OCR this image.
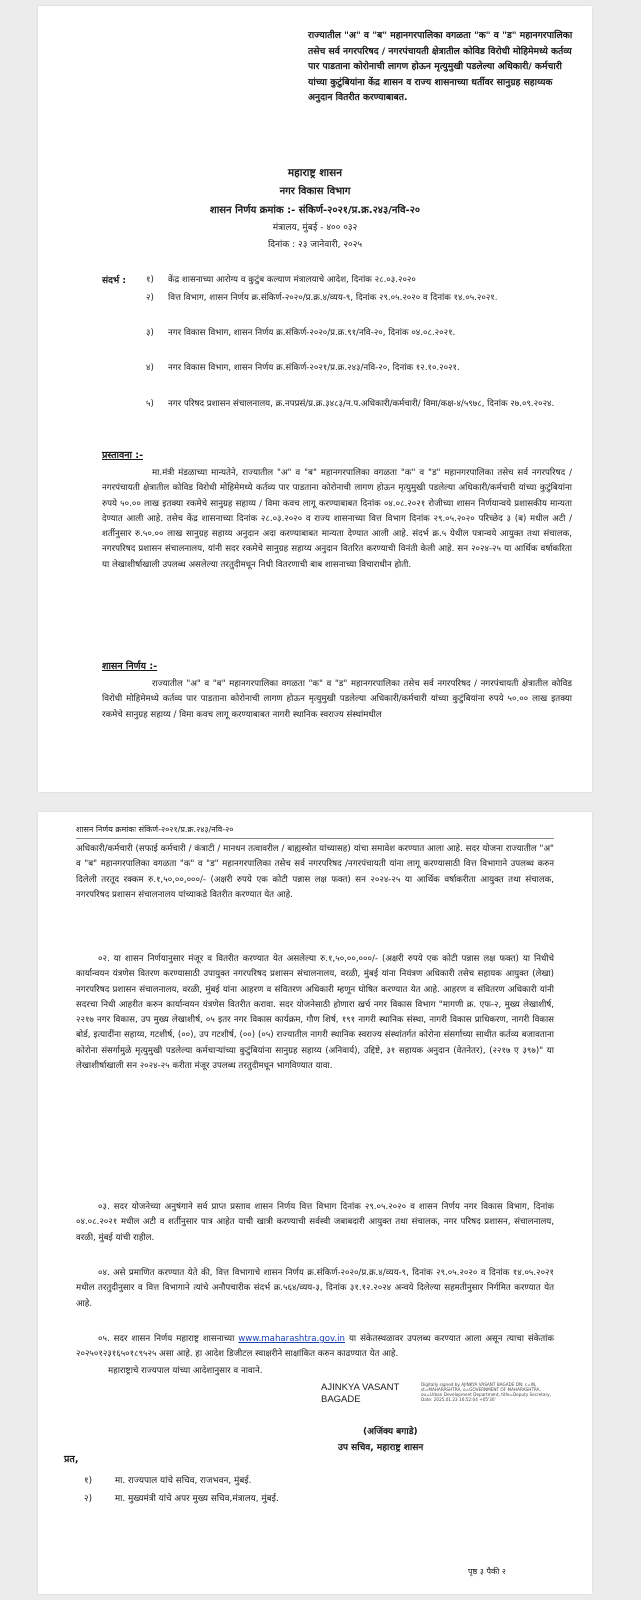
राज्यातील "अ" व "ब" महानगरपालिका वगळता "क" व "ड" महानगरपालिका तसेच सर्व नगरपरिषद / नगरपंचायती क्षेत्रातील कोविड विरोधी मोहिमेमध्ये कर्तव्य पार पाडताना कोरोनाची लागण होऊन मृत्युमुखी पडलेल्या अधिकारी/ कर्मचारी यांच्या कुटुंबियांना केंद्र शासन व राज्य शासनाच्या धर्तीवर सानुग्रह सहाय्यक अनुदान वितरीत करण्याबाबत.
महाराष्ट्र शासन
नगर विकास विभाग
शासन निर्णय क्रमांक :- संकिर्ण-२०२१/प्र.क्र.२४३/नवि-२०
मंत्रालय, मुंबई - ४०० ०३२
दिनांक : २३ जानेवारी, २०२५
संदर्भ : १) केंद्र शासनाच्या आरोग्य व कुटुंब कल्याण मंत्रालयाचे आदेश, दिनांक २८.०३.२०२०
२) वित्त विभाग, शासन निर्णय क्र.संकिर्ण-२०२०/प्र.क्र.४/व्यय-९, दिनांक २९.०५.२०२० व दिनांक १४.०५.२०२१.
३) नगर विकास विभाग, शासन निर्णय क्र.संकिर्ण-२०२०/प्र.क्र.९१/नवि-२०, दिनांक ०४.०८.२०२१.
४) नगर विकास विभाग, शासन निर्णय क्र.संकिर्ण-२०२१/प्र.क्र.२४३/नवि-२०, दिनांक १२.१०.२०२१.
५) नगर परिषद प्रशासन संचालनालय, क्र.नपप्रसं/प्र.क्र.३४८३/न.प.अधिकारी/कर्मचारी/ विमा/कक्ष-४/५९७८, दिनांक २७.०९.२०२४.
प्रस्तावना :-
मा.मंत्री मंडळाच्या मान्यतेने, राज्यातील "अ" व "ब" महानगरपालिका वगळता "क" व "ड" महानगरपालिका तसेच सर्व नगरपरिषद / नगरपंचायती क्षेत्रातील कोविड विरोधी मोहिमेमध्ये कर्तव्य पार पाडताना कोरोनाची लागण होऊन मृत्युमुखी पडलेल्या अधिकारी/कर्मचारी यांच्या कुटुंबियांना रुपये ५०.०० लाख इतक्या रकमेचे सानुग्रह सहाय्य / विमा कवच लागू करण्याबाबत दिनांक ०४.०८.२०२१ रोजीच्या शासन निर्णयान्वये प्रशासकीय मान्यता देण्यात आली आहे. तसेच केंद्र शासनाच्या दिनांक २८.०३.२०२० व राज्य शासनाच्या वित्त विभाग दिनांक २९.०५.२०२० परिच्छेद ३ (ब) मधील अटी / शर्तीनुसार रु.५०.०० लाख सानुग्रह सहाय्य अनुदान अदा करण्याबाबत मान्यता देण्यात आली आहे. संदर्भ क्र.५ येथील पत्रान्वये आयुक्त तथा संचालक, नगरपरिषद प्रशासन संचालनालय, यांनी सदर रकमेचे सानुग्रह सहाय्य अनुदान वितरित करण्याची विनंती केली आहे. सन २०२४-२५ या आर्थिक वर्षाकरिता या लेखाशीर्षाखाली उपलब्ध असलेल्या तरतुदीमधून निधी वितरणाची बाब शासनाच्या विचाराधीन होती.
शासन निर्णय :-
राज्यातील "अ" व "ब" महानगरपालिका वगळता "क" व "ड" महानगरपालिका तसेच सर्व नगरपरिषद / नगरपंचायती क्षेत्रातील कोविड विरोधी मोहिमेमध्ये कर्तव्य पार पाडताना कोरोनाची लागण होऊन मृत्युमुखी पडलेल्या अधिकारी/कर्मचारी यांच्या कुटुंबियांना रुपये ५०.०० लाख इतक्या रकमेचे सानुग्रह सहाय्य / विमा कवच लागू करण्याबाबत नागरी स्थानिक स्वराज्य संस्थांमधील
शासन निर्णय क्रमांकः संकिर्ण-२०२१/प्र.क्र.२४३/नवि-२०
अधिकारी/कर्मचारी (सफाई कर्मचारी / कंत्राटी / मानधन तत्वावरील / बाह्यस्त्रोत यांच्यासह) यांचा समावेश करण्यात आला आहे. सदर योजना राज्यातील "अ" व "ब" महानगरपालिका वगळता "क" व "ड" महानगरपालिका तसेच सर्व नगरपरिषद /नगरपंचायती यांना लागू करण्यासाठी वित्त विभागाने उपलब्ध करुन दिलेली तरतूद रक्कम रु.१,५०,००,०००/- (अक्षरी रुपये एक कोटी पन्नास लक्ष फक्त) सन २०२४-२५ या आर्थिक वर्षाकरीता आयुक्त तथा संचालक, नगरपरिषद प्रशासन संचालनालय यांच्याकडे वितरीत करण्यात येत आहे.
०२. या शासन निर्णयानुसार मंजूर व वितरीत करण्यात येत असलेल्या रु.१,५०,००,०००/- (अक्षरी रुपये एक कोटी पन्नास लक्ष फक्त) या निधीचे कार्यान्वयन यंत्रणेस वितरण करण्यासाठी उपायुक्त नगरपरिषद प्रशासन संचालनालय, वरळी, मुंबई यांना नियंत्रण अधिकारी तसेच सहायक आयुक्त (लेखा) नगरपरिषद प्रशासन संचालनालय, वरळी, मुंबई यांना आहरण व संवितरण अधिकारी म्हणून घोषित करण्यात येत आहे. आहरण व संवितरण अधिकारी यांनी सदरचा निधी आहरीत करुन कार्यान्वयन यंत्रणेस वितरीत करावा. सदर योजनेसाठी होणारा खर्च नगर विकास विभाग "मागणी क्र. एफ-२, मुख्य लेखाशीर्ष, २२१७ नगर विकास, उप मुख्य लेखाशीर्ष, ०५ इतर नगर विकास कार्यक्रम, गौण शिर्ष, १९१ नागरी स्थानिक संस्था, नागरी विकास प्राधिकरण, नागरी विकास बोर्ड, इत्यादींना सहाय्य, गटशीर्ष, (००), उप गटशीर्ष, (००) (०५) राज्यातील नागरी स्थानिक स्वराज्य संस्थांतर्गत कोरोना संसर्गाच्या साथीत कर्तव्य बजावताना कोरोना संसर्गामुळे मृत्युमुखी पडलेल्या कर्मचाऱ्यांच्या कुटुंबियांना सानुग्रह सहाय्य (अनिवार्य), उद्दिष्टे, ३१ सहायक अनुदान (वेतनेतर), (२२१७ ए ३९७)" या लेखाशीर्षाखाली सन २०२४-२५ करीता मंजूर उपलब्ध तरतुदीमधून भागविण्यात यावा.
०३. सदर योजनेच्या अनुषंगाने सर्व प्राप्त प्रस्ताव शासन निर्णय वित्त विभाग दिनांक २९.०५.२०२० व शासन निर्णय नगर विकास विभाग, दिनांक ०४.०८.२०२१ मधील अटी व शर्तीनुसार पात्र आहेत याची खात्री करण्याची सर्वस्वी जबाबदारी आयुक्त तथा संचालक, नगर परिषद प्रशासन, संचालनालय, वरळी, मुंबई यांची राहील.
०४. असे प्रमाणित करण्यात येते की, वित्त विभागाचे शासन निर्णय क्र.संकिर्ण-२०२०/प्र.क्र.४/व्यय-९, दिनांक २९.०५.२०२० व दिनांक १४.०५.२०२१ मधील तरतुदीनुसार व वित्त विभागाने त्यांचे अनौपचारीक संदर्भ क्र.५६४/व्यय-३, दिनांक ३१.१२.२०२४ अन्वये दिलेल्या सहमतीनुसार निर्गमित करण्यात येत आहे.
०५. सदर शासन निर्णय महाराष्ट्र शासनाच्या www.maharashtra.gov.in या संकेतस्थळावर उपलब्ध करण्यात आला असून त्याचा संकेतांक २०२५०१२३१६५०१८९५२५ असा आहे. हा आदेश डिजीटल स्वाक्षरीने साक्षांकित करुन काढण्यात येत आहे.
महाराष्ट्राचे राज्यपाल यांच्या आदेशानुसार व नावाने.
AJINKYA VASANT
BAGADE
Digitally signed by AJINKYA VASANT BAGADE DN: c=IN, st=MAHARASHTRA, o=GOVERNMENT OF MAHARASHTRA, ou=Urban Development Department, title=Deputy Secretary, Date: 2025.01.23 16:52:04 +05'30'
(अजिंक्य बगाडे)
उप सचिव, महाराष्ट्र शासन
प्रत,
१)	मा. राज्यपाल यांचे सचिव, राजभवन, मुंबई.
२)	मा. मुख्यमंत्री यांचे अपर मुख्य सचिव,मंत्रालय, मुंबई.
पृष्ठ ३ पैकी २
